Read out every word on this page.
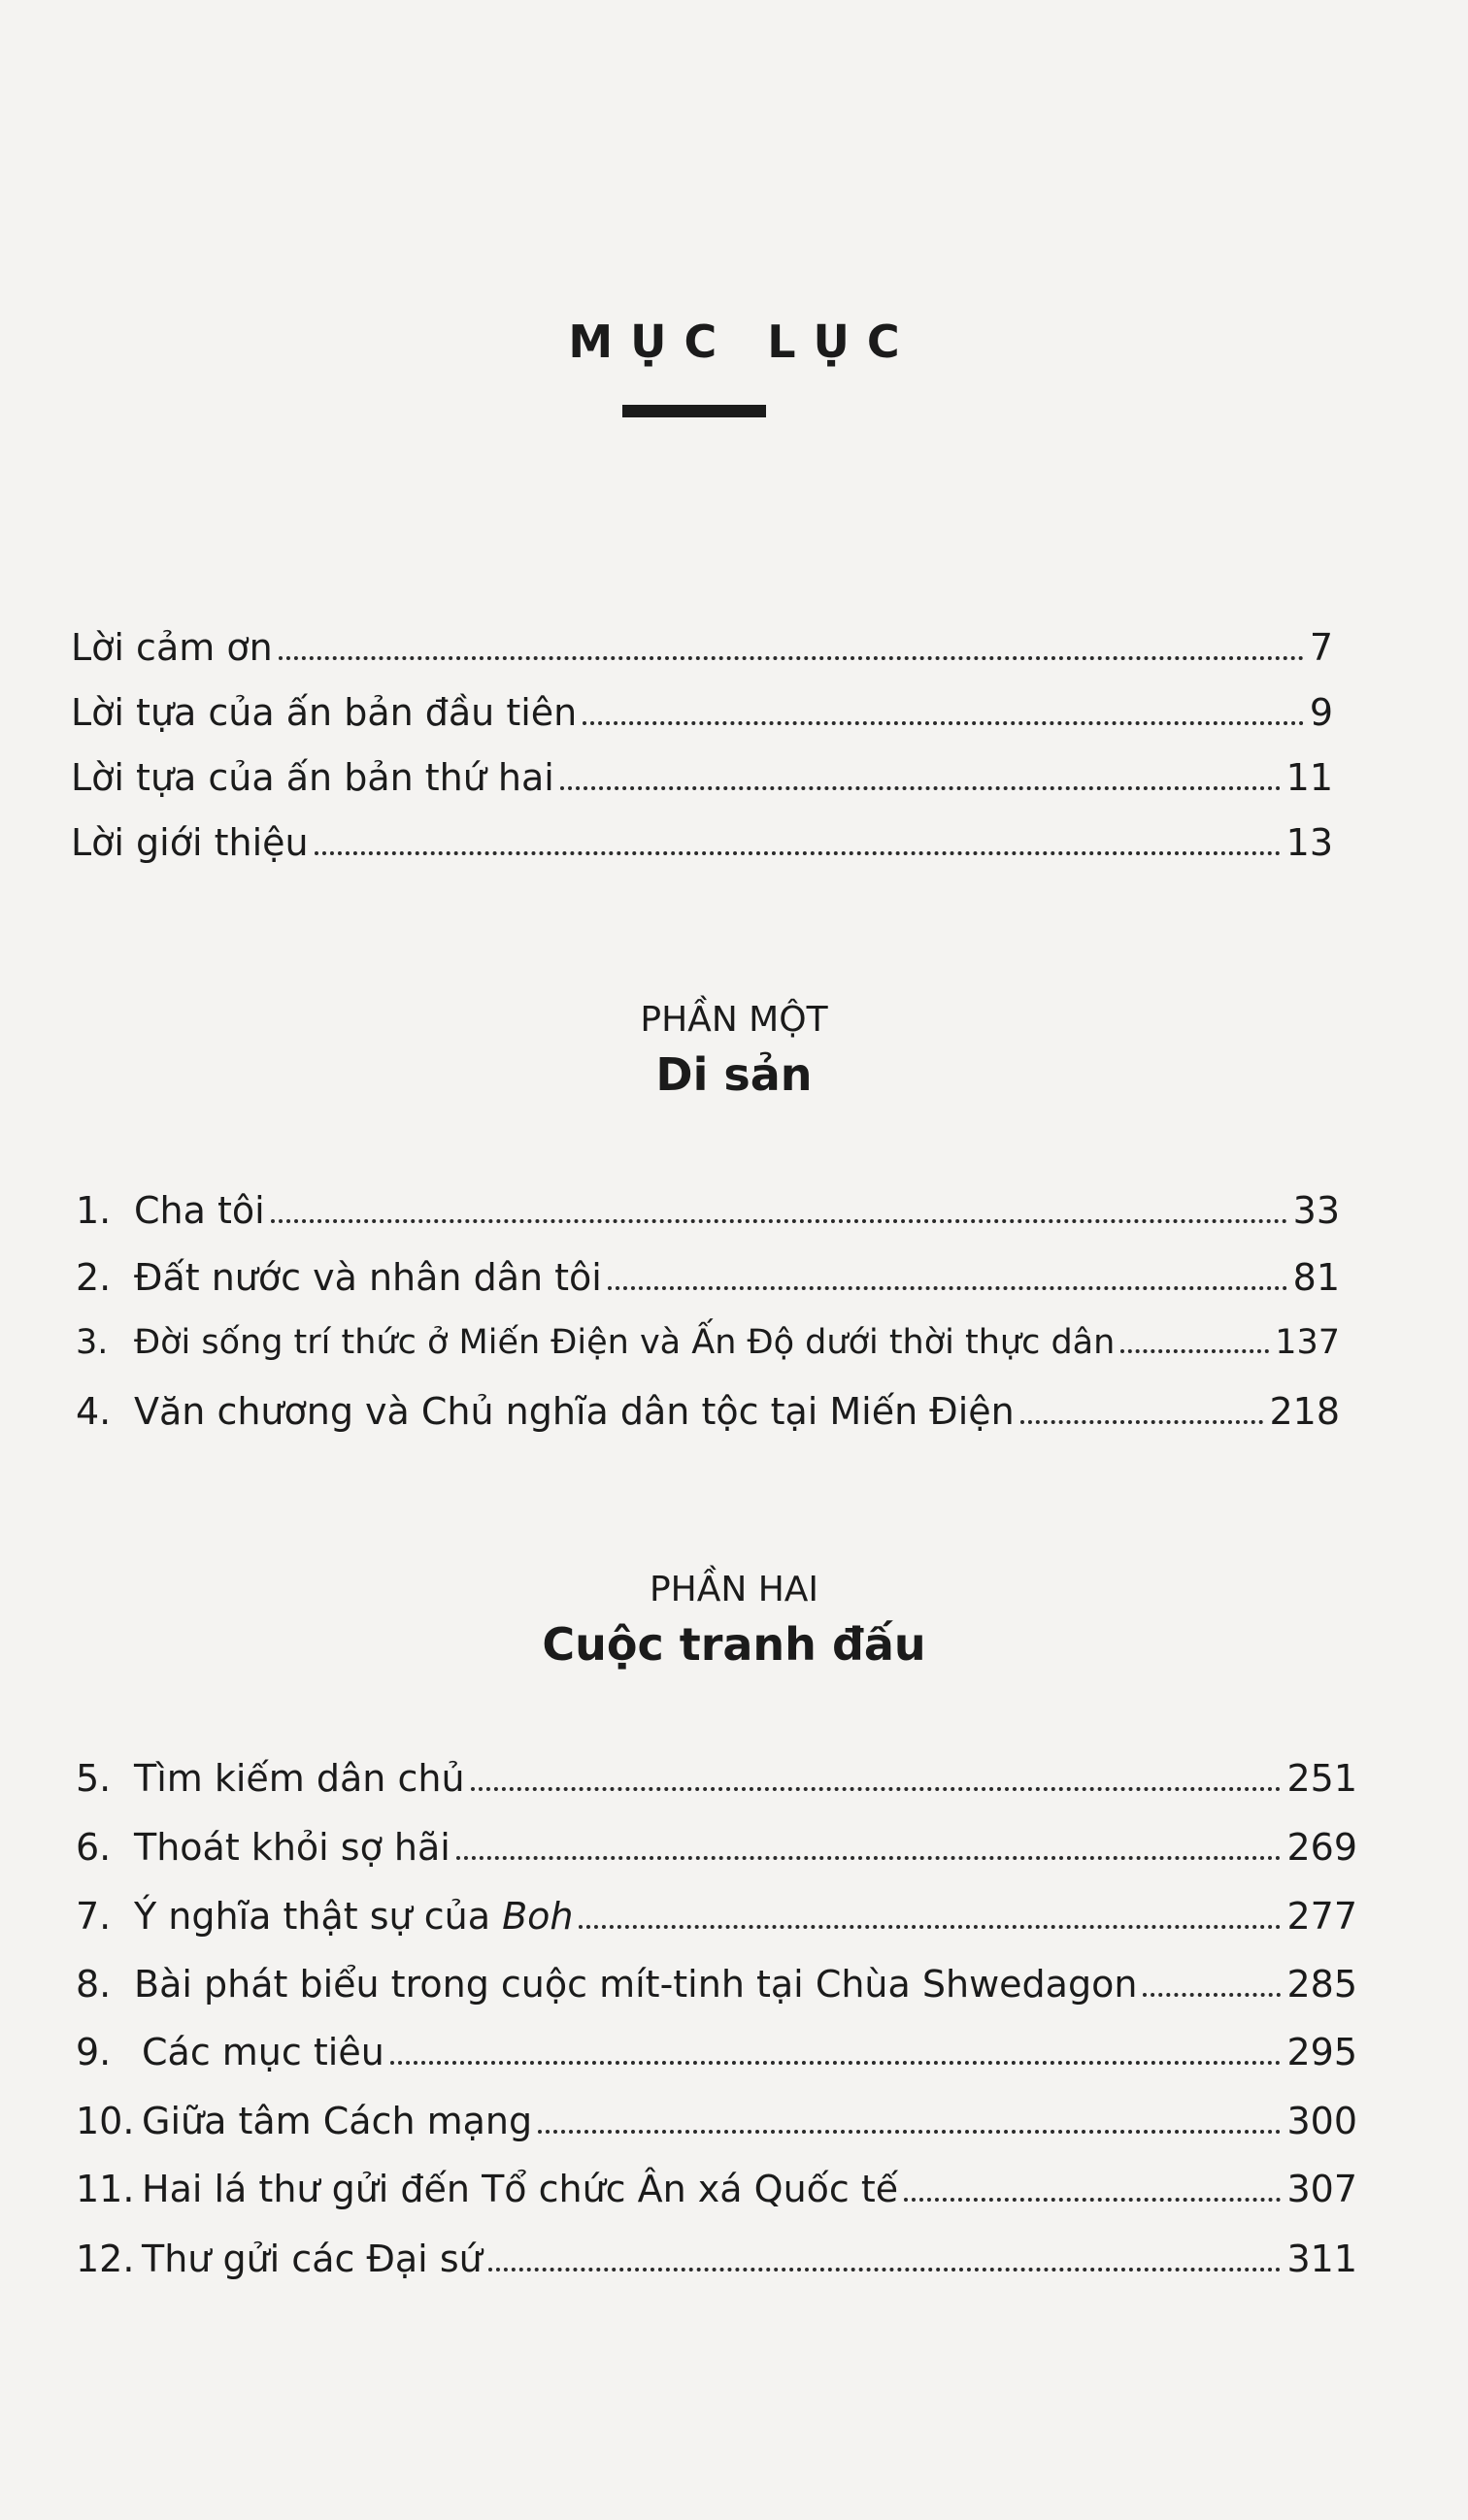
MỤC LỤC
Lời cảm ơn	7
Lời tựa của ấn bản đầu tiên	9
Lời tựa của ấn bản thứ hai	11
Lời giới thiệu	13
PHẦN MỘT
Di sản
1. Cha tôi	33
2. Đất nước và nhân dân tôi	81
3. Đời sống trí thức ở Miến Điện và Ấn Độ dưới thời thực dân	137
4. Văn chương và Chủ nghĩa dân tộc tại Miến Điện	218
PHẦN HAI
Cuộc tranh đấu
5. Tìm kiếm dân chủ	251
6. Thoát khỏi sợ hãi	269
7. Ý nghĩa thật sự của Boh	277
8. Bài phát biểu trong cuộc mít-tinh tại Chùa Shwedagon	285
9. Các mục tiêu	295
10. Giữa tâm Cách mạng	300
11. Hai lá thư gửi đến Tổ chức Ân xá Quốc tế	307
12. Thư gửi các Đại sứ	311
